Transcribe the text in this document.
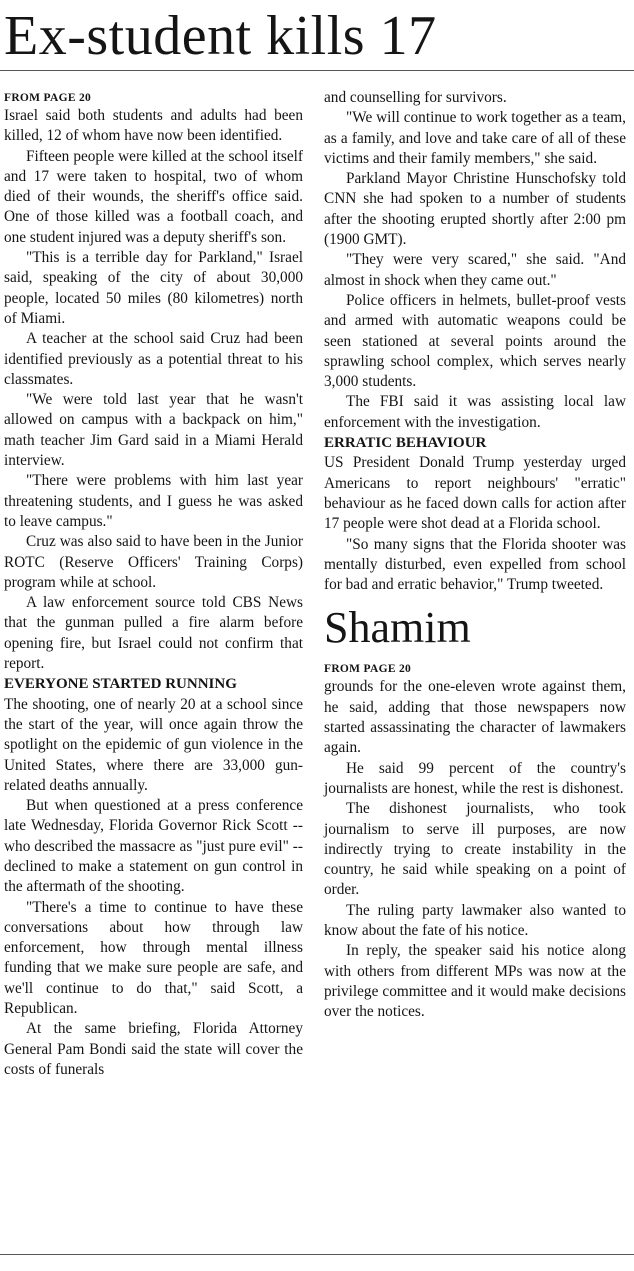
Ex-student kills 17
FROM PAGE 20

Israel said both students and adults had been killed, 12 of whom have now been identified.

Fifteen people were killed at the school itself and 17 were taken to hospital, two of whom died of their wounds, the sheriff's office said. One of those killed was a football coach, and one student injured was a deputy sheriff's son.

"This is a terrible day for Parkland," Israel said, speaking of the city of about 30,000 people, located 50 miles (80 kilometres) north of Miami.

A teacher at the school said Cruz had been identified previously as a potential threat to his classmates.

"We were told last year that he wasn't allowed on campus with a backpack on him," math teacher Jim Gard said in a Miami Herald interview.

"There were problems with him last year threatening students, and I guess he was asked to leave campus."

Cruz was also said to have been in the Junior ROTC (Reserve Officers' Training Corps) program while at school.

A law enforcement source told CBS News that the gunman pulled a fire alarm before opening fire, but Israel could not confirm that report.

EVERYONE STARTED RUNNING

The shooting, one of nearly 20 at a school since the start of the year, will once again throw the spotlight on the epidemic of gun violence in the United States, where there are 33,000 gun-related deaths annually.

But when questioned at a press conference late Wednesday, Florida Governor Rick Scott -- who described the massacre as "just pure evil" -- declined to make a statement on gun control in the aftermath of the shooting.

"There's a time to continue to have these conversations about how through law enforcement, how through mental illness funding that we make sure people are safe, and we'll continue to do that," said Scott, a Republican.

At the same briefing, Florida Attorney General Pam Bondi said the state will cover the costs of funerals

and counselling for survivors.

"We will continue to work together as a team, as a family, and love and take care of all of these victims and their family members," she said.

Parkland Mayor Christine Hunschofsky told CNN she had spoken to a number of students after the shooting erupted shortly after 2:00 pm (1900 GMT).

"They were very scared," she said. "And almost in shock when they came out."

Police officers in helmets, bullet-proof vests and armed with automatic weapons could be seen stationed at several points around the sprawling school complex, which serves nearly 3,000 students.

The FBI said it was assisting local law enforcement with the investigation.

ERRATIC BEHAVIOUR

US President Donald Trump yesterday urged Americans to report neighbours' "erratic" behaviour as he faced down calls for action after 17 people were shot dead at a Florida school.

"So many signs that the Florida shooter was mentally disturbed, even expelled from school for bad and erratic behavior," Trump tweeted.

Shamim
FROM PAGE 20

grounds for the one-eleven wrote against them, he said, adding that those newspapers now started assassinating the character of lawmakers again.

He said 99 percent of the country's journalists are honest, while the rest is dishonest.

The dishonest journalists, who took journalism to serve ill purposes, are now indirectly trying to create instability in the country, he said while speaking on a point of order.

The ruling party lawmaker also wanted to know about the fate of his notice.

In reply, the speaker said his notice along with others from different MPs was now at the privilege committee and it would make decisions over the notices.
